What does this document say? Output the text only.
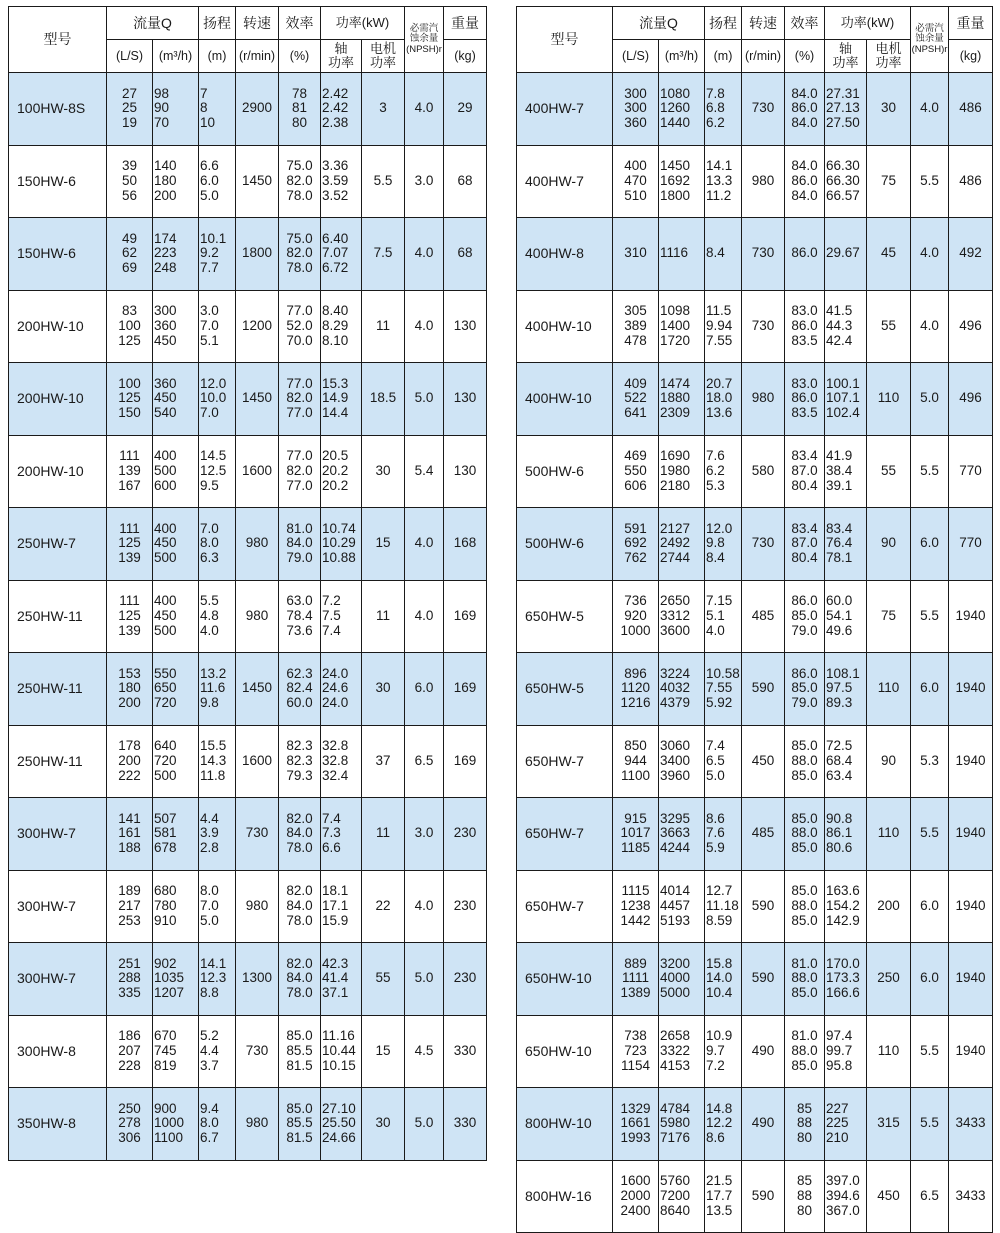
型号	流量Q		扬程	转速	效率	功率(kW)		必需汽
蚀余量
(NPSH)r	重量
	(L/S)	(m³/h)	(m)	(r/min)	(%)	轴
功率	电机
功率		(kg)
100HW-8S	27
25
19	98
90
70	7
8
10	2900	78
81
80	2.42
2.42
2.38	3	4.0	29
150HW-6	39
50
56	140
180
200	6.6
6.0
5.0	1450	75.0
82.0
78.0	3.36
3.59
3.52	5.5	3.0	68
150HW-6	49
62
69	174
223
248	10.1
9.2
7.7	1800	75.0
82.0
78.0	6.40
7.07
6.72	7.5	4.0	68
200HW-10	83
100
125	300
360
450	3.0
7.0
5.1	1200	77.0
52.0
70.0	8.40
8.29
8.10	11	4.0	130
200HW-10	100
125
150	360
450
540	12.0
10.0
7.0	1450	77.0
82.0
77.0	15.3
14.9
14.4	18.5	5.0	130
200HW-10	111
139
167	400
500
600	14.5
12.5
9.5	1600	77.0
82.0
77.0	20.5
20.2
20.2	30	5.4	130
250HW-7	111
125
139	400
450
500	7.0
8.0
6.3	980	81.0
84.0
79.0	10.74
10.29
10.88	15	4.0	168
250HW-11	111
125
139	400
450
500	5.5
4.8
4.0	980	63.0
78.4
73.6	7.2
7.5
7.4	11	4.0	169
250HW-11	153
180
200	550
650
720	13.2
11.6
9.8	1450	62.3
82.4
60.0	24.0
24.6
24.0	30	6.0	169
250HW-11	178
200
222	640
720
500	15.5
14.3
11.8	1600	82.3
82.3
79.3	32.8
32.8
32.4	37	6.5	169
300HW-7	141
161
188	507
581
678	4.4
3.9
2.8	730	82.0
84.0
78.0	7.4
7.3
6.6	11	3.0	230
300HW-7	189
217
253	680
780
910	8.0
7.0
5.0	980	82.0
84.0
78.0	18.1
17.1
15.9	22	4.0	230
300HW-7	251
288
335	902
1035
1207	14.1
12.3
8.8	1300	82.0
84.0
78.0	42.3
41.4
37.1	55	5.0	230
300HW-8	186
207
228	670
745
819	5.2
4.4
3.7	730	85.0
85.5
81.5	11.16
10.44
10.15	15	4.5	330
350HW-8	250
278
306	900
1000
1100	9.4
8.0
6.7	980	85.0
85.5
81.5	27.10
25.50
24.66	30	5.0	330
型号	流量Q		扬程	转速	效率	功率(kW)		必需汽
蚀余量
(NPSH)r	重量
	(L/S)	(m³/h)	(m)	(r/min)	(%)	轴
功率	电机
功率		(kg)
400HW-7	300
300
360	1080
1260
1440	7.8
6.8
6.2	730	84.0
86.0
84.0	27.31
27.13
27.50	30	4.0	486
400HW-7	400
470
510	1450
1692
1800	14.1
13.3
11.2	980	84.0
86.0
84.0	66.30
66.30
66.57	75	5.5	486
400HW-8	310	1116	8.4	730	86.0	29.67	45	4.0	492
400HW-10	305
389
478	1098
1400
1720	11.5
9.94
7.55	730	83.0
86.0
83.5	41.5
44.3
42.4	55	4.0	496
400HW-10	409
522
641	1474
1880
2309	20.7
18.0
13.6	980	83.0
86.0
83.5	100.1
107.1
102.4	110	5.0	496
500HW-6	469
550
606	1690
1980
2180	7.6
6.2
5.3	580	83.4
87.0
80.4	41.9
38.4
39.1	55	5.5	770
500HW-6	591
692
762	2127
2492
2744	12.0
9.8
8.4	730	83.4
87.0
80.4	83.4
76.4
78.1	90	6.0	770
650HW-5	736
920
1000	2650
3312
3600	7.15
5.1
4.0	485	86.0
85.0
79.0	60.0
54.1
49.6	75	5.5	1940
650HW-5	896
1120
1216	3224
4032
4379	10.58
7.55
5.92	590	86.0
85.0
79.0	108.1
97.5
89.3	110	6.0	1940
650HW-7	850
944
1100	3060
3400
3960	7.4
6.5
5.0	450	85.0
88.0
85.0	72.5
68.4
63.4	90	5.3	1940
650HW-7	915
1017
1185	3295
3663
4244	8.6
7.6
5.9	485	85.0
88.0
85.0	90.8
86.1
80.6	110	5.5	1940
650HW-7	1115
1238
1442	4014
4457
5193	12.7
11.18
8.59	590	85.0
88.0
85.0	163.6
154.2
142.9	200	6.0	1940
650HW-10	889
1111
1389	3200
4000
5000	15.8
14.0
10.4	590	81.0
88.0
85.0	170.0
173.3
166.6	250	6.0	1940
650HW-10	738
723
1154	2658
3322
4153	10.9
9.7
7.2	490	81.0
88.0
85.0	97.4
99.7
95.8	110	5.5	1940
800HW-10	1329
1661
1993	4784
5980
7176	14.8
12.2
8.6	490	85
88
80	227
225
210	315	5.5	3433
800HW-16	1600
2000
2400	5760
7200
8640	21.5
17.7
13.5	590	85
88
80	397.0
394.6
367.0	450	6.5	3433
